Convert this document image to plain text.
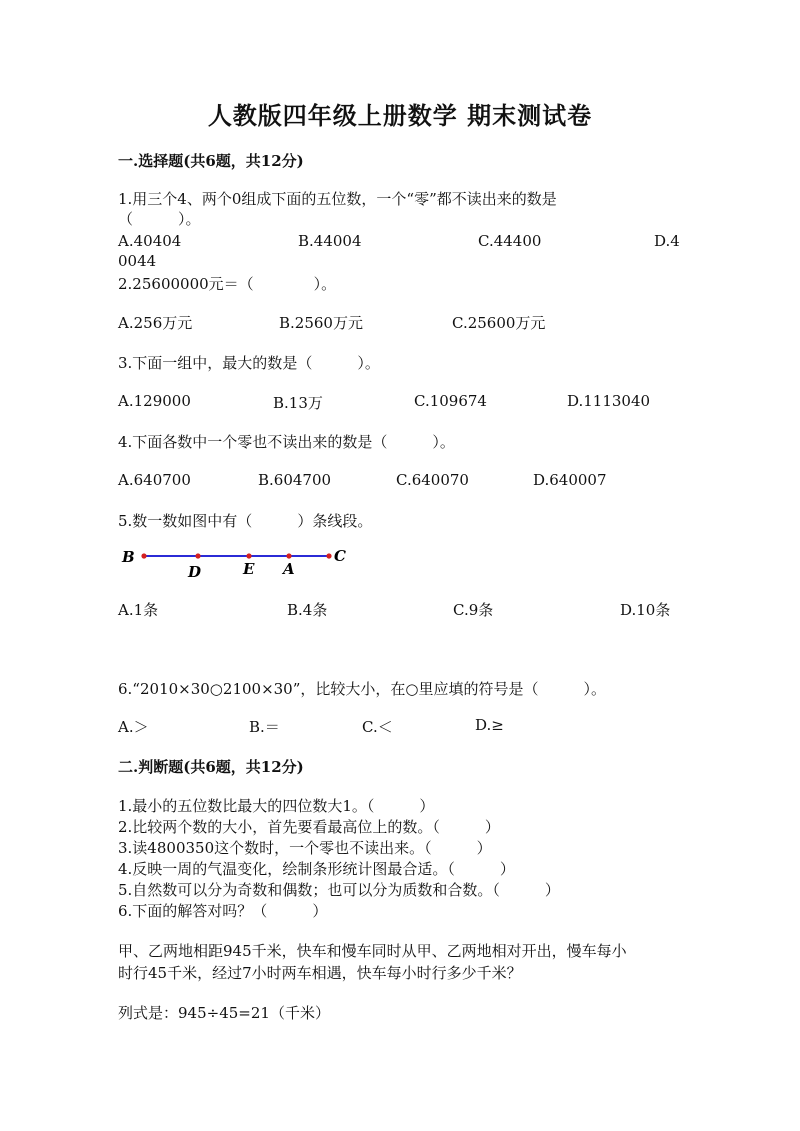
人教版四年级上册数学 期末测试卷
一.选择题(共6题，共12分)
1.用三个4、两个0组成下面的五位数，一个“零”都不读出来的数是
（　　　）。
A.40404	B.44004	C.44400	D.4
0044
2.25600000元＝（　　　　）。
A.256万元	B.2560万元	C.25600万元
3.下面一组中，最大的数是（　　　）。
A.129000	B.13万	C.109674	D.1113040
4.下面各数中一个零也不读出来的数是（　　　）。
A.640700	B.604700	C.640070	D.640007
5.数一数如图中有（　　　）条线段。
B
D	E A
C
A.1条	B.4条	C.9条	D.10条
6.“2010×30○2100×30”，比较大小，在○里应填的符号是（　　　）。
A.＞	B.＝	C.＜	D.≥
二.判断题(共6题，共12分)
1.最小的五位数比最大的四位数大1。（　　　）
2.比较两个数的大小，首先要看最高位上的数。（　　　）
3.读4800350这个数时，一个零也不读出来。（　　　）
4.反映一周的气温变化，绘制条形统计图最合适。（　　　）
5.自然数可以分为奇数和偶数；也可以分为质数和合数。（　　　）
6.下面的解答对吗？（　　　）
甲、乙两地相距945千米，快车和慢车同时从甲、乙两地相对开出，慢车每小
时行45千米，经过7小时两车相遇，快车每小时行多少千米？
列式是：945÷45=21（千米）
